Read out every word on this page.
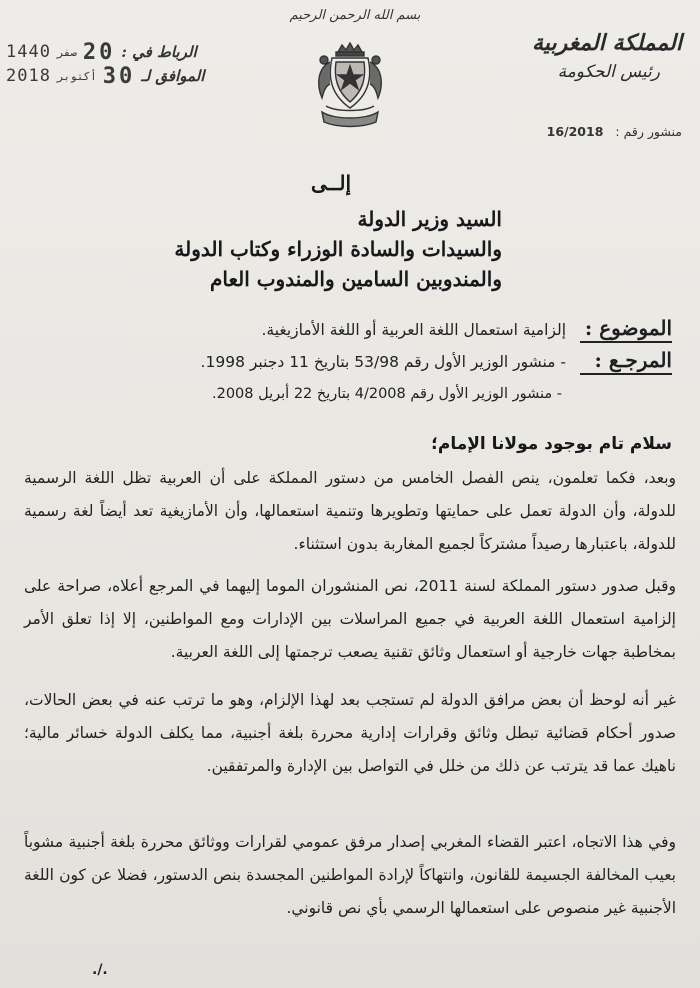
بسم الله الرحمن الرحيم
المملكة المغربية
رئيس الحكومة
منشور رقم : 16/2018
1440 صفر 20 الرباط في :
2018 أكتوبر 30 الموافق لـ
إلــى
السيد وزير الدولة
والسيدات والسادة الوزراء وكتاب الدولة
والمندوبين السامين والمندوب العام
الموضوع :
إلزامية استعمال اللغة العربية أو اللغة الأمازيغية.
المرجـع :
- منشور الوزير الأول رقم 53/98 بتاريخ 11 دجنبر 1998.
- منشور الوزير الأول رقم 4/2008 بتاريخ 22 أبريل 2008.
سلام تام بوجود مولانا الإمام؛
وبعد، فكما تعلمون، ينص الفصل الخامس من دستور المملكة على أن العربية تظل اللغة الرسمية للدولة، وأن الدولة تعمل على حمايتها وتطويرها وتنمية استعمالها، وأن الأمازيغية تعد أيضاً لغة رسمية للدولة، باعتبارها رصيداً مشتركاً لجميع المغاربة بدون استثناء.
وقبل صدور دستور المملكة لسنة 2011، نص المنشوران الموما إليهما في المرجع أعلاه، صراحة على إلزامية استعمال اللغة العربية في جميع المراسلات بين الإدارات ومع المواطنين، إلا إذا تعلق الأمر بمخاطبة جهات خارجية أو استعمال وثائق تقنية يصعب ترجمتها إلى اللغة العربية.
غير أنه لوحظ أن بعض مرافق الدولة لم تستجب بعد لهذا الإلزام، وهو ما ترتب عنه في بعض الحالات، صدور أحكام قضائية تبطل وثائق وقرارات إدارية محررة بلغة أجنبية، مما يكلف الدولة خسائر مالية؛ ناهيك عما قد يترتب عن ذلك من خلل في التواصل بين الإدارة والمرتفقين.
وفي هذا الاتجاه، اعتبر القضاء المغربي إصدار مرفق عمومي لقرارات ووثائق محررة بلغة أجنبية مشوباً بعيب المخالفة الجسيمة للقانون، وانتهاكاً لإرادة المواطنين المجسدة بنص الدستور، فضلا عن كون اللغة الأجنبية غير منصوص على استعمالها الرسمي بأي نص قانوني.
./.
